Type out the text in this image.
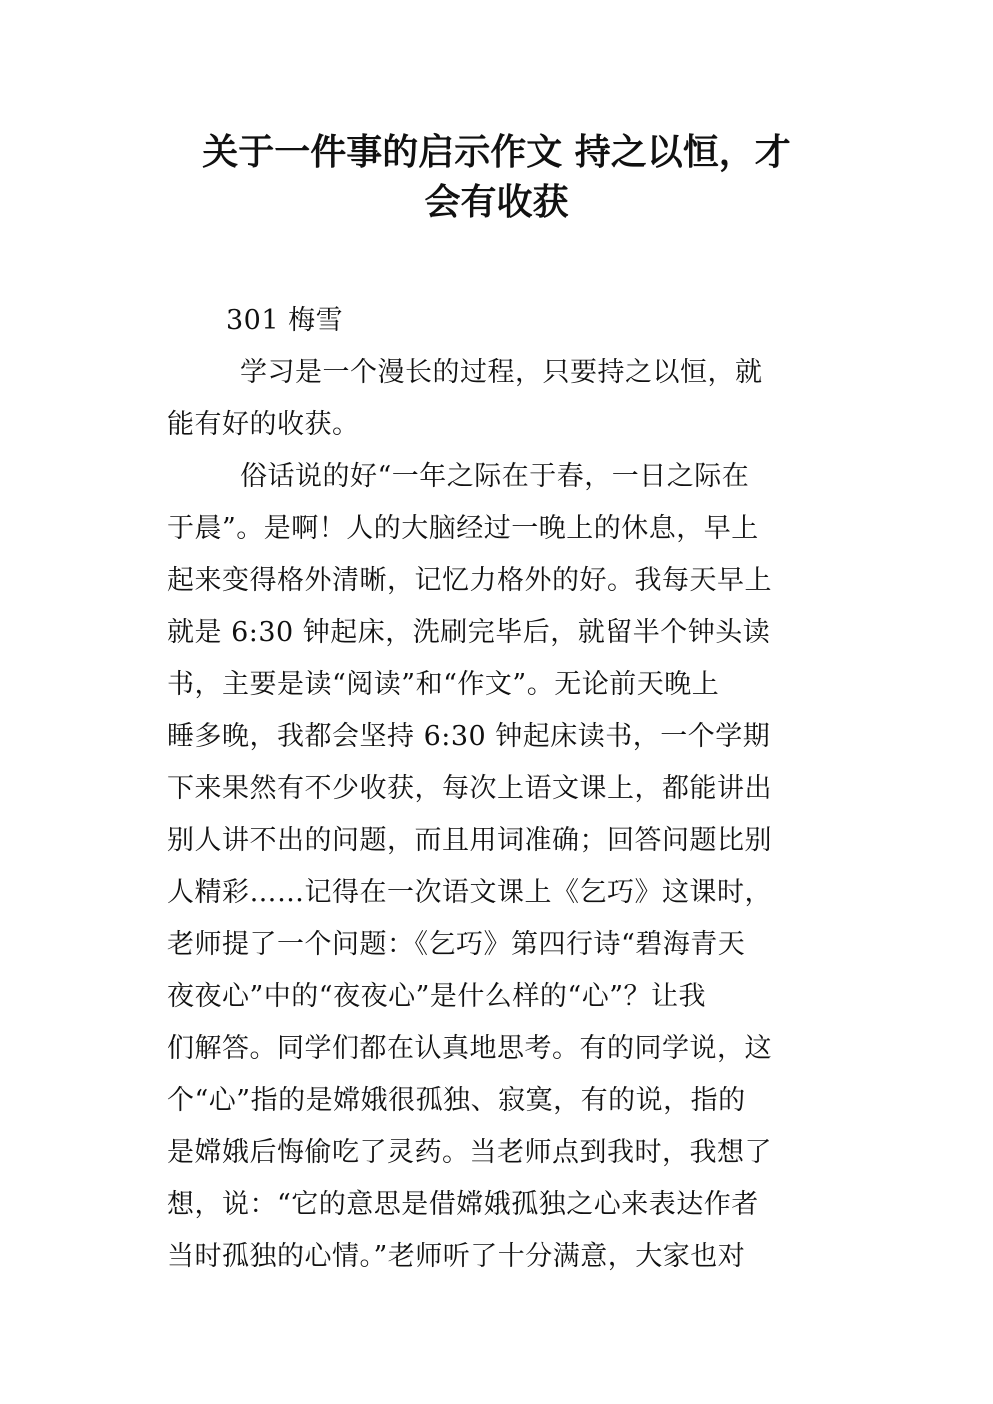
关于一件事的启示作文 持之以恒，才
会有收获
301 梅雪
学习是一个漫长的过程，只要持之以恒，就
能有好的收获。
俗话说的好“一年之际在于春，一日之际在
于晨”。是啊！人的大脑经过一晚上的休息，早上
起来变得格外清晰，记忆力格外的好。我每天早上
就是 6:30 钟起床，洗刷完毕后，就留半个钟头读
书，主要是读“阅读”和“作文”。无论前天晚上
睡多晚，我都会坚持 6:30 钟起床读书，一个学期
下来果然有不少收获，每次上语文课上，都能讲出
别人讲不出的问题，而且用词准确；回答问题比别
人精彩……记得在一次语文课上《乞巧》这课时，
老师提了一个问题：《乞巧》第四行诗“碧海青天
夜夜心”中的“夜夜心”是什么样的“心”？让我
们解答。同学们都在认真地思考。有的同学说，这
个“心”指的是嫦娥很孤独、寂寞，有的说，指的
是嫦娥后悔偷吃了灵药。当老师点到我时，我想了
想，说：“它的意思是借嫦娥孤独之心来表达作者
当时孤独的心情。”老师听了十分满意，大家也对
